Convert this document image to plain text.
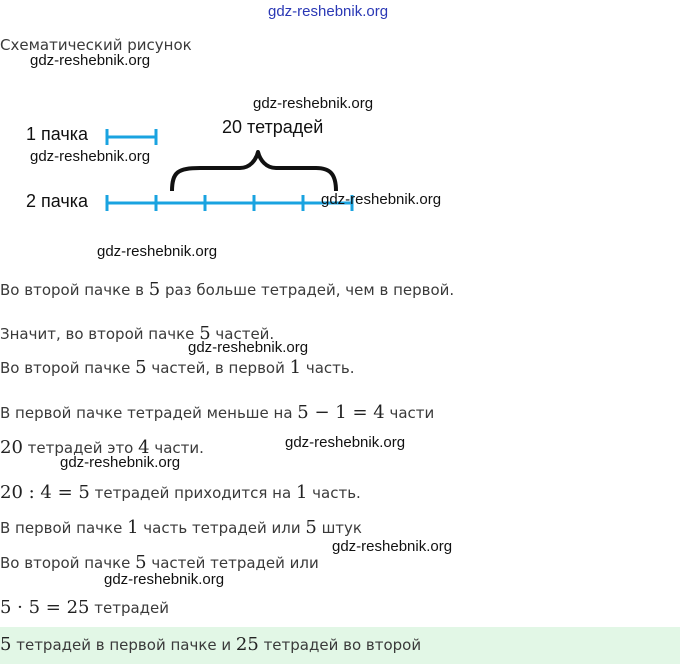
gdz-reshebnik.org
Схематический рисунок
gdz-reshebnik.org
gdz-reshebnik.org
20 тетрадей
1 пачка
gdz-reshebnik.org
2 пачка	gdz-reshebnik.org
gdz-reshebnik.org
Во второй пачке в 5 раз больше тетрадей, чем в первой.
Значит, во второй пачке 5 частей.
gdz-reshebnik.org
Во второй пачке 5 частей, в первой 1 часть.
В первой пачке тетрадей меньше на 5 − 1 = 4 части
20 тетрадей это 4 части.	gdz-reshebnik.org
gdz-reshebnik.org
20 : 4 = 5 тетрадей приходится на 1 часть.
В первой пачке 1 часть тетрадей или 5 штук
gdz-reshebnik.org
Во второй пачке 5 частей тетрадей или
gdz-reshebnik.org
5 · 5 = 25 тетрадей
5 тетрадей в первой пачке и 25 тетрадей во второй
